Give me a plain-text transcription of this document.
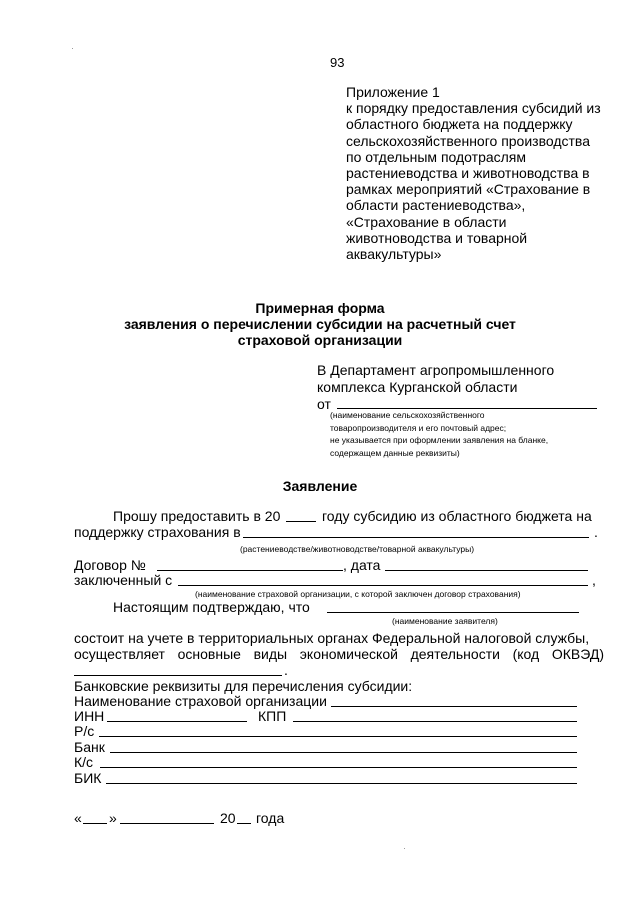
93
Приложение 1
к порядку предоставления субсидий из
областного бюджета на поддержку
сельскохозяйственного производства
по отдельным подотраслям
растениеводства и животноводства в
рамках мероприятий «Страхование в
области растениеводства»,
«Страхование в области
животноводства и товарной
аквакультуры»
Примерная форма
заявления о перечислении субсидии на расчетный счет
страховой организации
В Департамент агропромышленного
комплекса Курганской области
от
(наименование сельскохозяйственного
товаропроизводителя и его почтовый адрес;
не указывается при оформлении заявления на бланке,
содержащем данные реквизиты)
Заявление
Прошу предоставить в 20	году субсидию из областного бюджета на
поддержку страхования в	.
(растениеводстве/животноводстве/товарной аквакультуры)
Договор №	, дата
заключенный с	,
(наименование страховой организации, с которой заключен договор страхования)
Настоящим подтверждаю, что
(наименование заявителя)
состоит на учете в территориальных органах Федеральной налоговой службы,
осуществляет основные виды экономической деятельности (код ОКВЭД)
.
Банковские реквизиты для перечисления субсидии:
Наименование страховой организации
ИНН	КПП
Р/с
Банк
К/с
БИК
« »	20 года
